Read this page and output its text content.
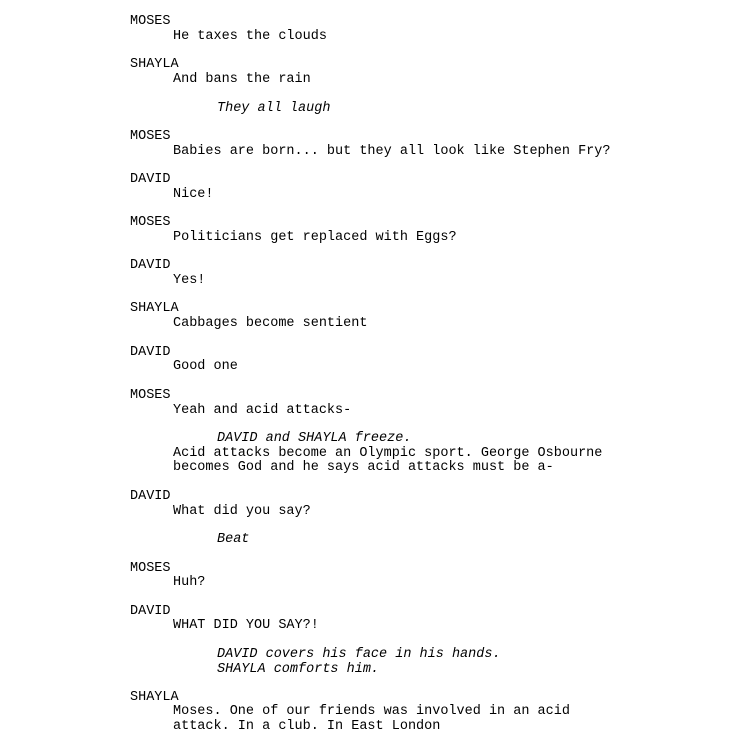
MOSES
He taxes the clouds
SHAYLA
And bans the rain
They all laugh
MOSES
Babies are born... but they all look like Stephen Fry?
DAVID
Nice!
MOSES
Politicians get replaced with Eggs?
DAVID
Yes!
SHAYLA
Cabbages become sentient
DAVID
Good one
MOSES
Yeah and acid attacks-
DAVID and SHAYLA freeze.
Acid attacks become an Olympic sport. George Osbourne
becomes God and he says acid attacks must be a-
DAVID
What did you say?
Beat
MOSES
Huh?
DAVID
WHAT DID YOU SAY?!
DAVID covers his face in his hands.
SHAYLA comforts him.
SHAYLA
Moses. One of our friends was involved in an acid
attack. In a club. In East London
